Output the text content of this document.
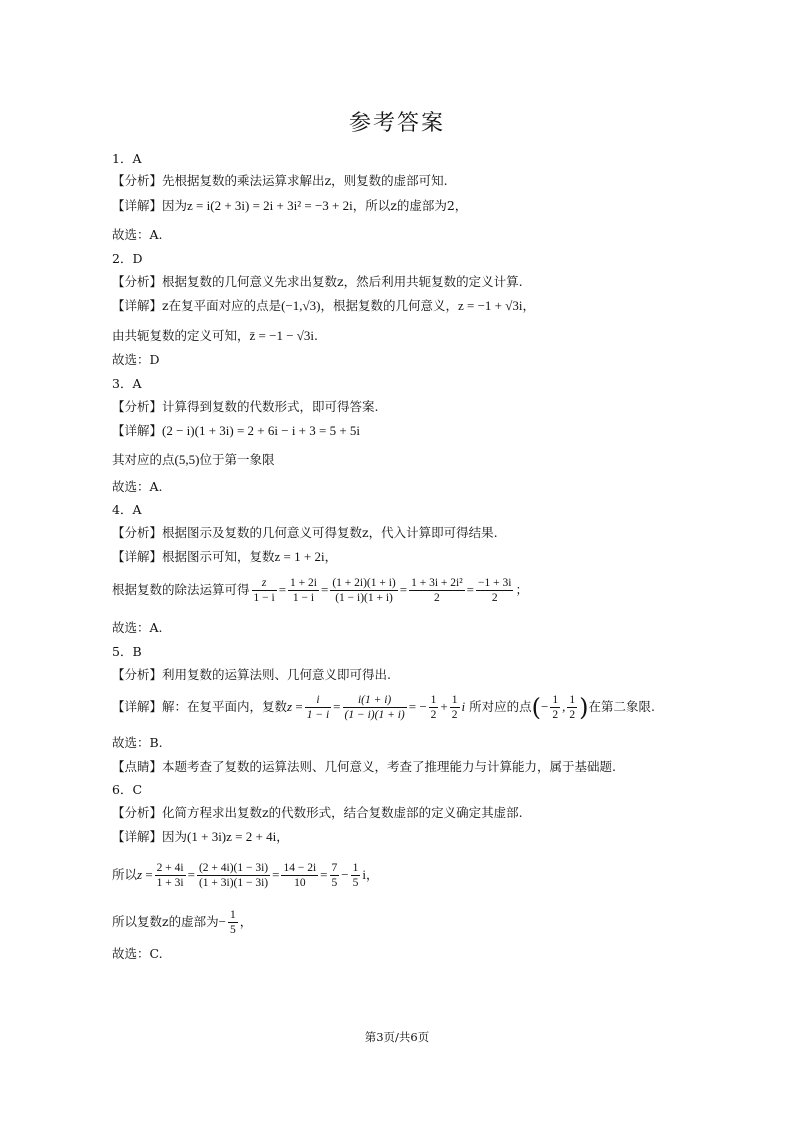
参考答案
1．A
【分析】先根据复数的乘法运算求解出z，则复数的虚部可知.
【详解】因为z = i(2 + 3i) = 2i + 3i² = −3 + 2i，所以z的虚部为2，
故选：A.
2．D
【分析】根据复数的几何意义先求出复数z，然后利用共轭复数的定义计算.
【详解】z在复平面对应的点是(−1,√3)，根据复数的几何意义，z = −1 + √3i，
由共轭复数的定义可知，z̄ = −1 − √3i.
故选：D
3．A
【分析】计算得到复数的代数形式，即可得答案.
【详解】(2 − i)(1 + 3i) = 2 + 6i − i + 3 = 5 + 5i
其对应的点(5,5)位于第一象限
故选：A.
4．A
【分析】根据图示及复数的几何意义可得复数z，代入计算即可得结果.
【详解】根据图示可知，复数z = 1 + 2i，
根据复数的除法运算可得 $\frac{z}{1 - i} = \frac{1 + 2i}{1 - i} = \frac{(1 + 2i)(1 + i)}{(1 - i)(1 + i)} = \frac{\text{1 + 3i + 2i²}}{2} = \frac{-1 + 3i}{2}$ ；
故选：A.
5．B
【分析】利用复数的运算法则、几何意义即可得出.
【详解】解：在复平面内，复数$z = \frac{i}{1 - i} = \frac{i(1 + i)}{(1 - i)(1 + i)}$ = − $\frac{1}{2} + \frac{1}{2}$ i 所对应的点(− $\frac{1}{2}$ , $\frac{1}{2}$ )在第二象限.
故选：B.
【点睛】本题考查了复数的运算法则、几何意义，考查了推理能力与计算能力，属于基础题.
6．C
【分析】化简方程求出复数z的代数形式，结合复数虚部的定义确定其虚部.
【详解】因为(1 + 3i)z = 2 + 4i，
所以$z = \frac{2 + 4i}{1 + 3i} = \frac{(2 + 4i)(1 - 3i)}{(1 + 3i)(1 - 3i)} = \frac{14 - 2i}{10} = \frac{7}{5} - \frac{1}{5}$ i，
所以复数z的虚部为− $\frac{1}{5}$ ，
故选：C.
第3页/共6页
